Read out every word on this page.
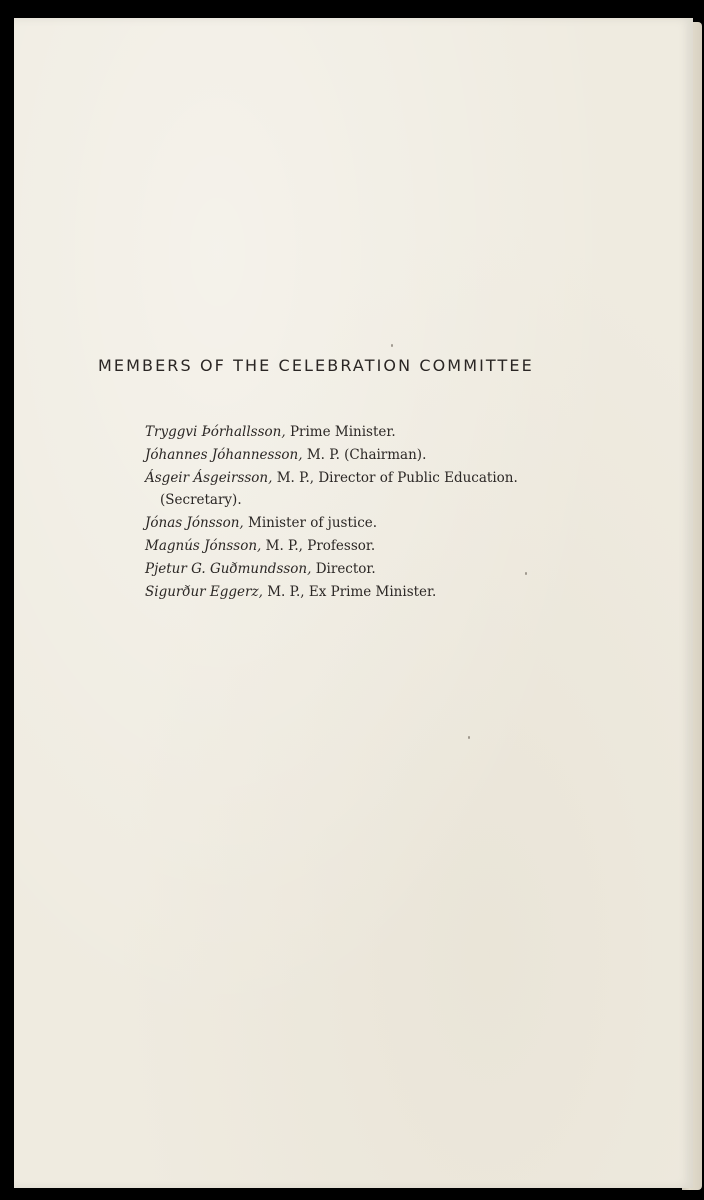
MEMBERS OF THE CELEBRATION COMMITTEE
Tryggvi Þórhallsson, Prime Minister.
Jóhannes Jóhannesson, M. P. (Chairman).
Ásgeir Ásgeirsson, M. P., Director of Public Education.
(Secretary).
Jónas Jónsson, Minister of justice.
Magnús Jónsson, M. P., Professor.
Pjetur G. Guðmundsson, Director.
Sigurður Eggerz, M. P., Ex Prime Minister.
